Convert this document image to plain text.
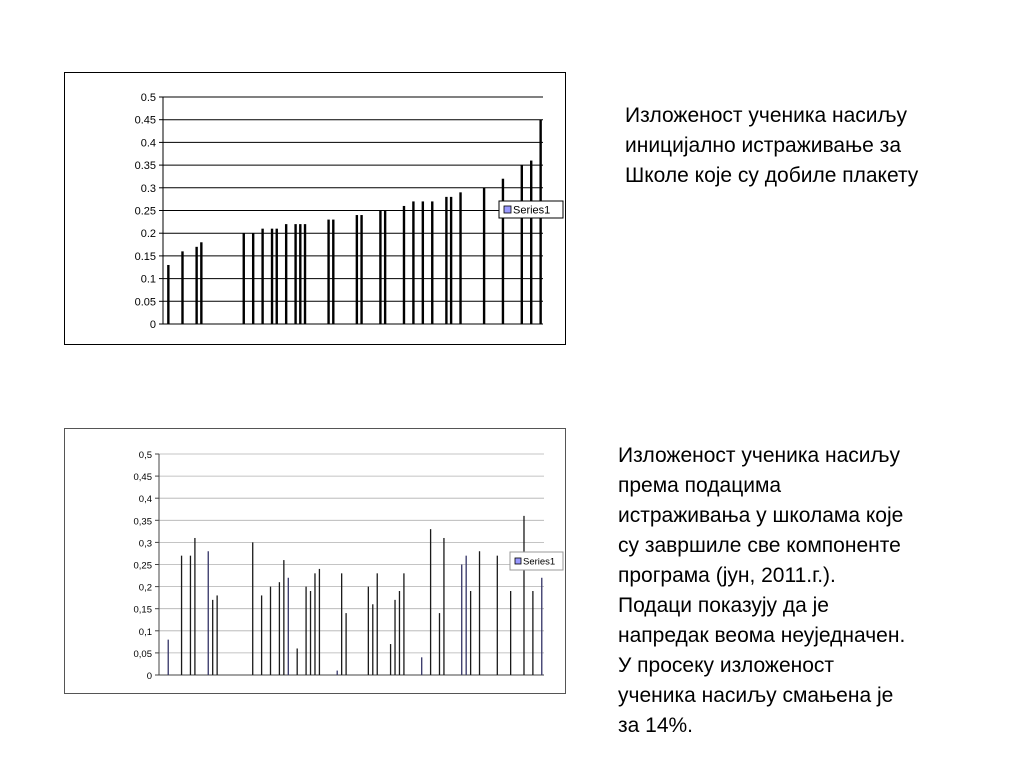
0
0.05
0.1
0.15
0.2
0.25
0.3
0.35
0.4
0.45
0.5
Series1
0
0,05
0,1
0,15
0,2
0,25
0,3
0,35
0,4
0,45
0,5
Series1
Изложеност ученика насиљу
иницијално истраживање за
Школе које су добиле плакету
Изложеност ученика насиљу
према подацима
истраживања у школама које
су завршиле све компоненте
програма (јун, 2011.г.).
Подаци показују да је
напредак веома неуједначен.
У просеку изложеност
ученика насиљу смањена је
за 14%.
